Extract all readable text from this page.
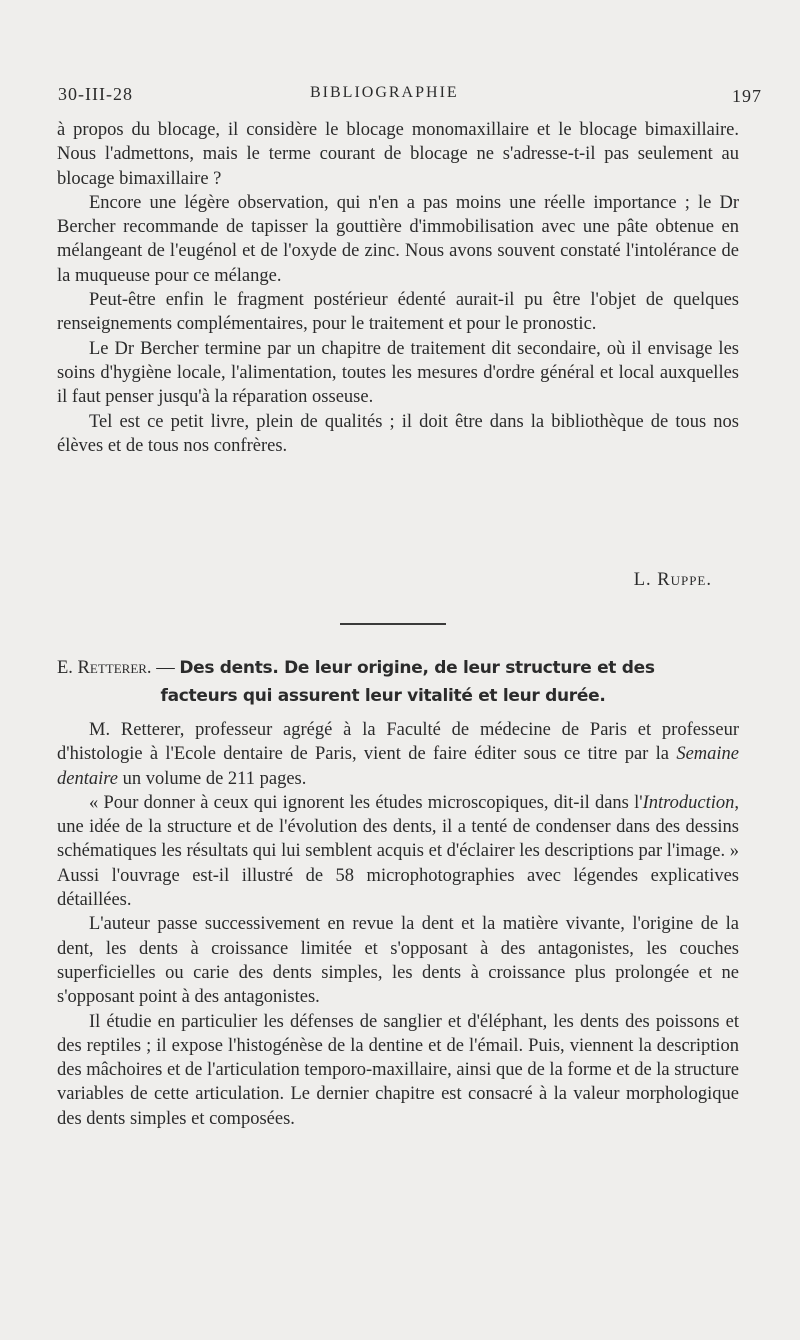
30-III-28	BIBLIOGRAPHIE	197

à propos du blocage, il considère le blocage monomaxillaire et le blocage bimaxillaire. Nous l'admettons, mais le terme courant de blocage ne s'adresse-t-il pas seulement au blocage bimaxillaire ?

Encore une légère observation, qui n'en a pas moins une réelle importance ; le Dr Bercher recommande de tapisser la gouttière d'immobilisation avec une pâte obtenue en mélangeant de l'eugénol et de l'oxyde de zinc. Nous avons souvent constaté l'intolérance de la muqueuse pour ce mélange.

Peut-être enfin le fragment postérieur édenté aurait-il pu être l'objet de quelques renseignements complémentaires, pour le traitement et pour le pronostic.

Le Dr Bercher termine par un chapitre de traitement dit secondaire, où il envisage les soins d'hygiène locale, l'alimentation, toutes les mesures d'ordre général et local auxquelles il faut penser jusqu'à la réparation osseuse.

Tel est ce petit livre, plein de qualités ; il doit être dans la bibliothèque de tous nos élèves et de tous nos confrères.

L. Ruppe.
E. Retterer. — Des dents. De leur origine, de leur structure et des
facteurs qui assurent leur vitalité et leur durée.

M. Retterer, professeur agrégé à la Faculté de médecine de Paris et professeur d'histologie à l'Ecole dentaire de Paris, vient de faire éditer sous ce titre par la Semaine dentaire un volume de 211 pages.

« Pour donner à ceux qui ignorent les études microscopiques, dit-il dans l'Introduction, une idée de la structure et de l'évolution des dents, il a tenté de condenser dans des dessins schématiques les résultats qui lui semblent acquis et d'éclairer les descriptions par l'image. » Aussi l'ouvrage est-il illustré de 58 microphotographies avec légendes explicatives détaillées.

L'auteur passe successivement en revue la dent et la matière vivante, l'origine de la dent, les dents à croissance limitée et s'opposant à des antagonistes, les couches superficielles ou carie des dents simples, les dents à croissance plus prolongée et ne s'opposant point à des antagonistes.

Il étudie en particulier les défenses de sanglier et d'éléphant, les dents des poissons et des reptiles ; il expose l'histogénèse de la dentine et de l'émail. Puis, viennent la description des mâchoires et de l'articulation temporo-maxillaire, ainsi que de la forme et de la structure variables de cette articulation. Le dernier chapitre est consacré à la valeur morphologique des dents simples et composées.
